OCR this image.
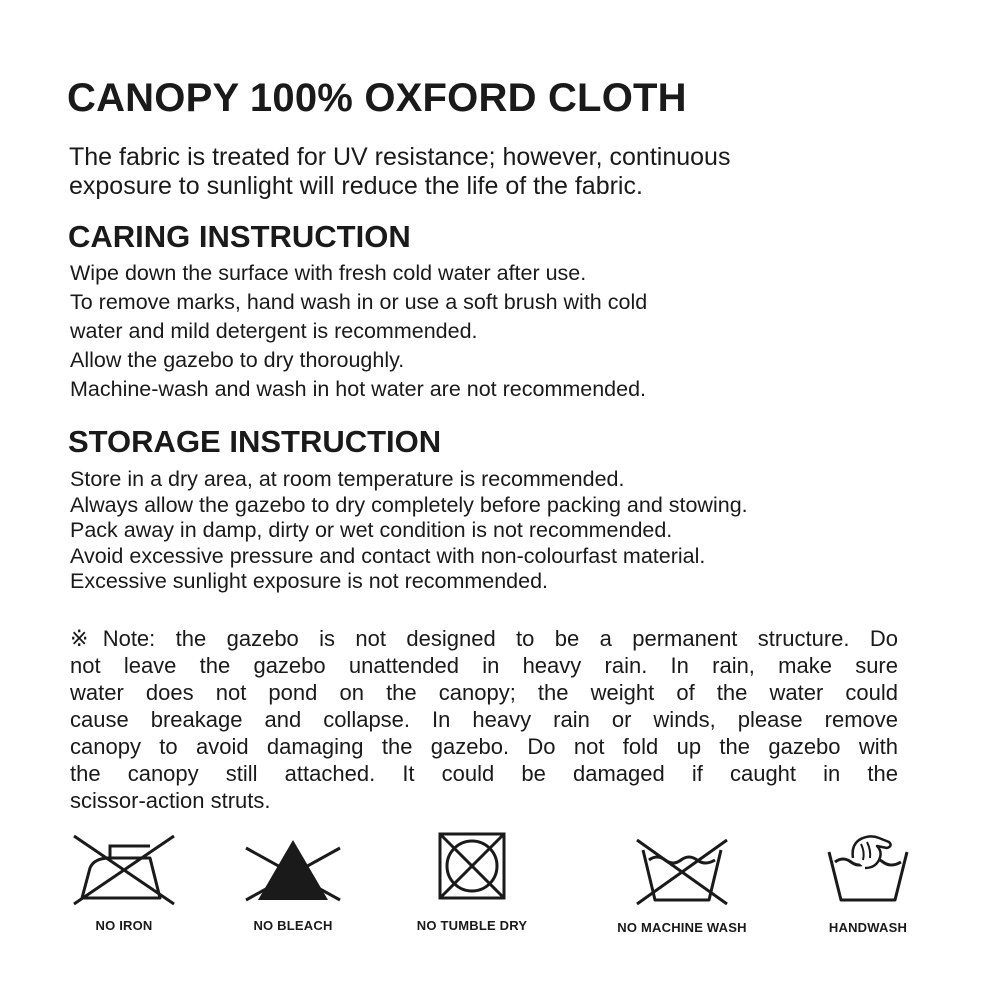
CANOPY 100% OXFORD CLOTH
The fabric is treated for UV resistance; however, continuous
exposure to sunlight will reduce the life of the fabric.
CARING INSTRUCTION
Wipe down the surface with fresh cold water after use.
To remove marks, hand wash in or use a soft brush with cold
water and mild detergent is recommended.
Allow the gazebo to dry thoroughly.
Machine-wash and wash in hot water are not recommended.
STORAGE INSTRUCTION
Store in a dry area, at room temperature is recommended.
Always allow the gazebo to dry completely before packing and stowing.
Pack away in damp, dirty or wet condition is not recommended.
Avoid excessive pressure and contact with non-colourfast material.
Excessive sunlight exposure is not recommended.
※Note: the gazebo is not designed to be a permanent structure. Do
not leave the gazebo unattended in heavy rain. In rain, make sure
water does not pond on the canopy; the weight of the water could
cause breakage and collapse. In heavy rain or winds, please remove
canopy to avoid damaging the gazebo. Do not fold up the gazebo with
the canopy still attached. It could be damaged if caught in the
scissor-action struts.
NO IRON	NO BLEACH	NO TUMBLE DRY	NO MACHINE WASH	HANDWASH
